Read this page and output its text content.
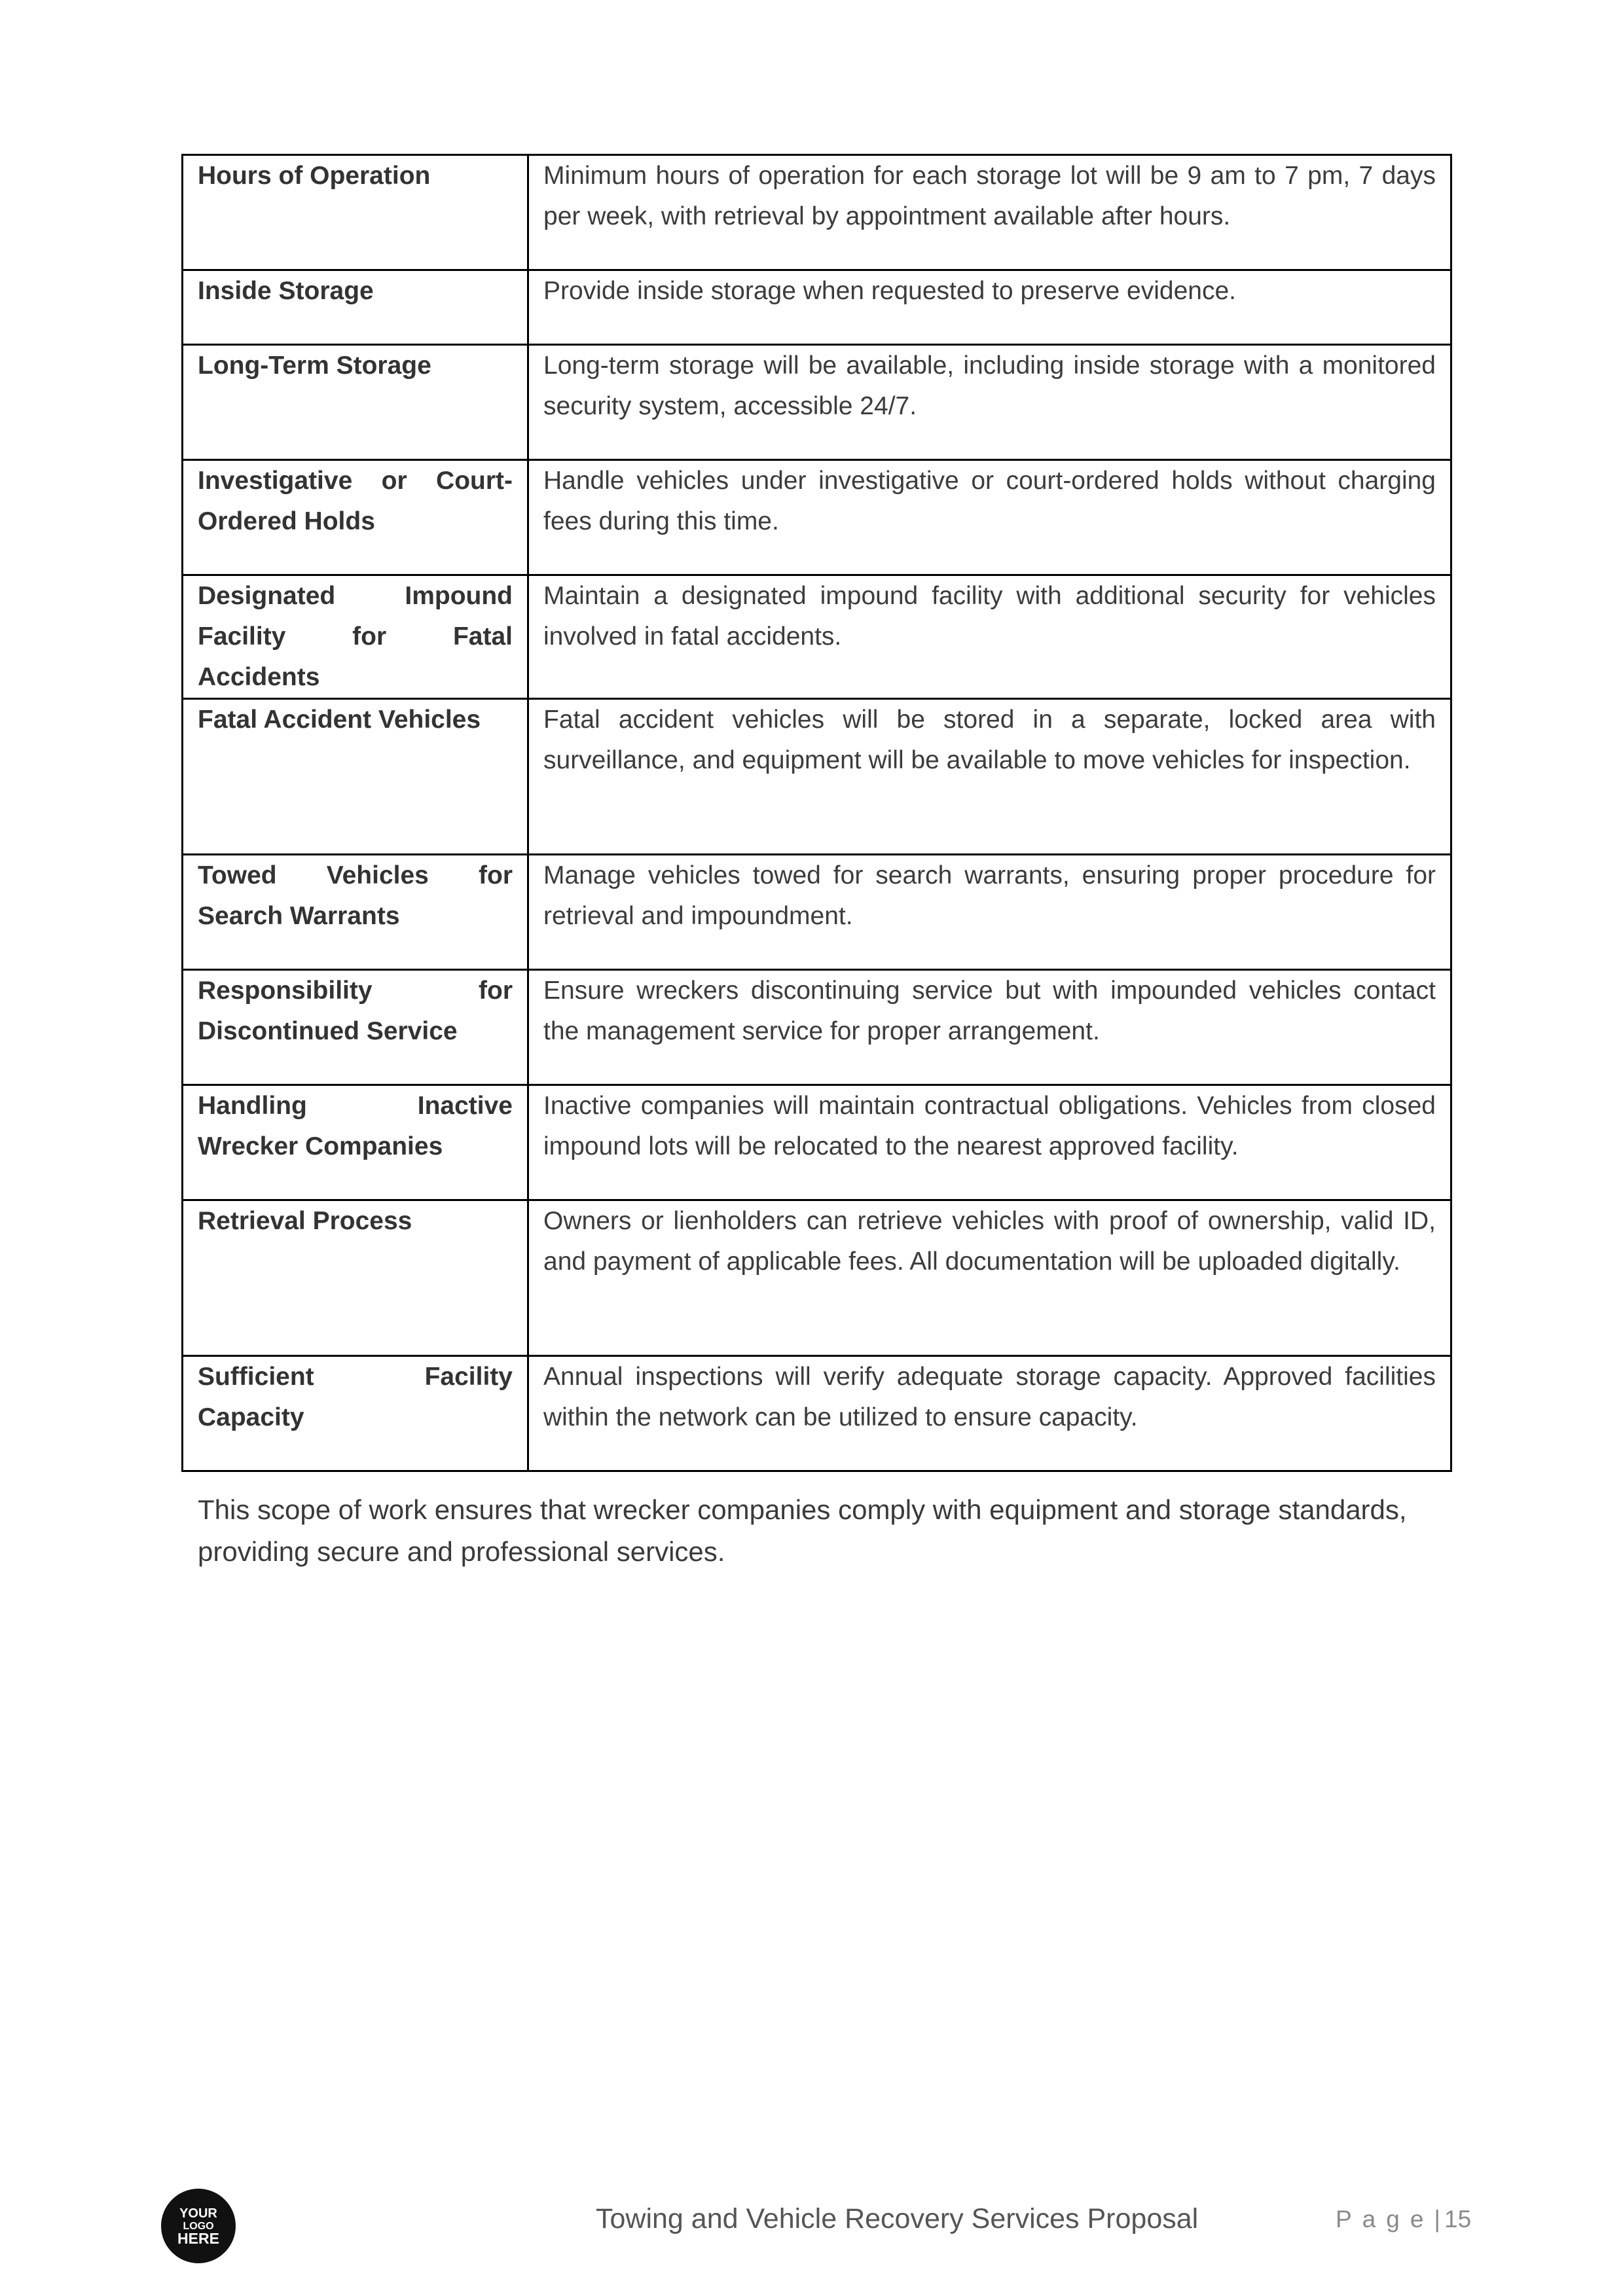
Hours of Operation	Minimum hours of operation for each storage lot will be 9 am to 7 pm, 7 days per week, with retrieval by appointment available after hours.
Inside Storage	Provide inside storage when requested to preserve evidence.
Long-Term Storage	Long-term storage will be available, including inside storage with a monitored security system, accessible 24/7.
Investigative or Court-Ordered Holds	Handle vehicles under investigative or court-ordered holds without charging fees during this time.
Designated Impound Facility for Fatal Accidents	Maintain a designated impound facility with additional security for vehicles involved in fatal accidents.
Fatal Accident Vehicles	Fatal accident vehicles will be stored in a separate, locked area with surveillance, and equipment will be available to move vehicles for inspection.
Towed Vehicles for Search Warrants	Manage vehicles towed for search warrants, ensuring proper procedure for retrieval and impoundment.
Responsibility for Discontinued Service	Ensure wreckers discontinuing service but with impounded vehicles contact the management service for proper arrangement.
Handling Inactive Wrecker Companies	Inactive companies will maintain contractual obligations. Vehicles from closed impound lots will be relocated to the nearest approved facility.
Retrieval Process	Owners or lienholders can retrieve vehicles with proof of ownership, valid ID, and payment of applicable fees. All documentation will be uploaded digitally.
Sufficient Facility Capacity	Annual inspections will verify adequate storage capacity. Approved facilities within the network can be utilized to ensure capacity.

This scope of work ensures that wrecker companies comply with equipment and storage standards, providing secure and professional services.

YOUR
LOGO
HERE
Towing and Vehicle Recovery Services Proposal	Page| 15
